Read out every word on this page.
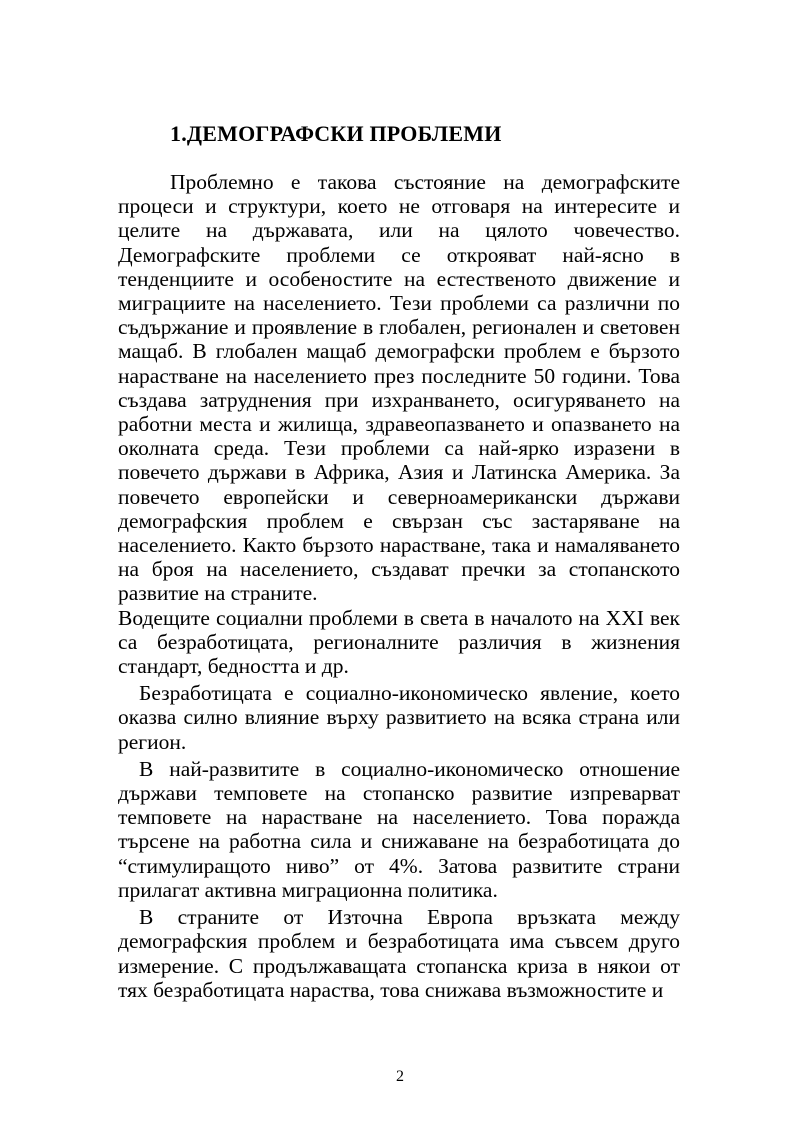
1.ДЕМОГРАФСКИ ПРОБЛЕМИ

Проблемно е такова състояние на демографските процеси и структури, което не отговаря на интересите и целите на държавата, или на цялото човечество. Демографските проблеми се открояват най-ясно в тенденциите и особеностите на естественото движение и миграциите на населението. Тези проблеми са различни по съдържание и проявление в глобален, регионален и световен мащаб. В глобален мащаб демографски проблем е бързото нарастване на населението през последните 50 години. Това създава затруднения при изхранването, осигуряването на работни места и жилища, здравеопазването и опазването на околната среда. Тези проблеми са най-ярко изразени в повечето държави в Африка, Азия и Латинска Америка. За повечето европейски и северноамерикански държави демографския проблем е свързан със застаряване на населението. Както бързото нарастване, така и намаляването на броя на населението, създават пречки за стопанското развитие на страните.

Водещите социални проблеми в света в началото на XXI век са безработицата, регионалните различия в жизнения стандарт, бедността и др.

Безработицата е социално-икономическо явление, което оказва силно влияние върху развитието на всяка страна или регион.

В най-развитите в социално-икономическо отношение държави темповете на стопанско развитие изпреварват темповете на нарастване на населението. Това поражда търсене на работна сила и снижаване на безработицата до “стимулиращото ниво” от 4%. Затова развитите страни прилагат активна миграционна политика.

В страните от Източна Европа връзката между демографския проблем и безработицата има съвсем друго измерение. С продължаващата стопанска криза в някои от тях безработицата нараства, това снижава възможностите и

2
